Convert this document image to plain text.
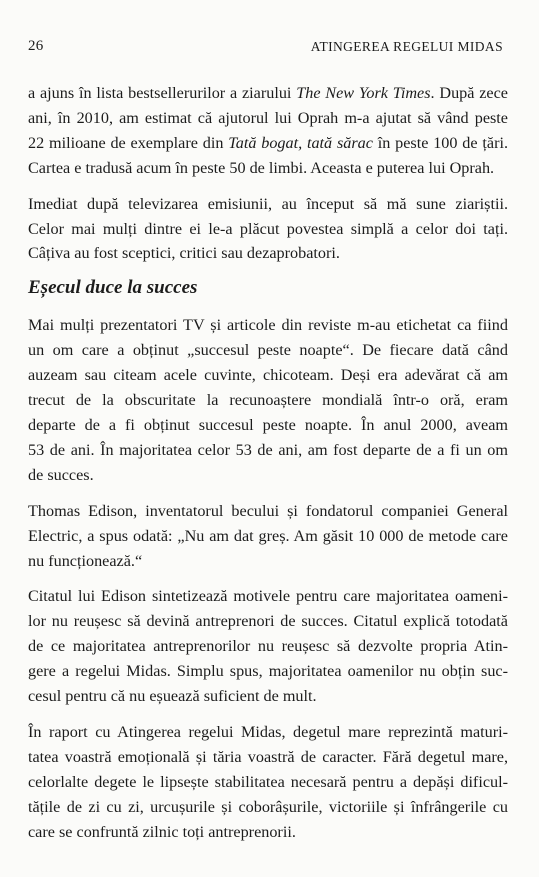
26	ATINGEREA REGELUI MIDAS

a ajuns în lista bestsellerurilor a ziarului The New York Times. După zece
ani, în 2010, am estimat că ajutorul lui Oprah m-a ajutat să vând peste
22 milioane de exemplare din Tată bogat, tată sărac în peste 100 de țări.
Cartea e tradusă acum în peste 50 de limbi. Aceasta e puterea lui Oprah.

Imediat după televizarea emisiunii, au început să mă sune ziariștii.
Celor mai mulți dintre ei le-a plăcut povestea simplă a celor doi tați.
Câțiva au fost sceptici, critici sau dezaprobatori.

Eșecul duce la succes

Mai mulți prezentatori TV și articole din reviste m-au etichetat ca fiind
un om care a obținut „succesul peste noapte“. De fiecare dată când
auzeam sau citeam acele cuvinte, chicoteam. Deși era adevărat că am
trecut de la obscuritate la recunoaștere mondială într-o oră, eram
departe de a fi obținut succesul peste noapte. În anul 2000, aveam
53 de ani. În majoritatea celor 53 de ani, am fost departe de a fi un om
de succes.

Thomas Edison, inventatorul becului și fondatorul companiei General
Electric, a spus odată: „Nu am dat greș. Am găsit 10 000 de metode care
nu funcționează.“

Citatul lui Edison sintetizează motivele pentru care majoritatea oameni-
lor nu reușesc să devină antreprenori de succes. Citatul explică totodată
de ce majoritatea antreprenorilor nu reușesc să dezvolte propria Atin-
gere a regelui Midas. Simplu spus, majoritatea oamenilor nu obțin suc-
cesul pentru că nu eșuează suficient de mult.

În raport cu Atingerea regelui Midas, degetul mare reprezintă maturi-
tatea voastră emoțională și tăria voastră de caracter. Fără degetul mare,
celorlalte degete le lipsește stabilitatea necesară pentru a depăși dificul-
tățile de zi cu zi, urcușurile și coborâșurile, victoriile și înfrângerile cu
care se confruntă zilnic toți antreprenorii.
